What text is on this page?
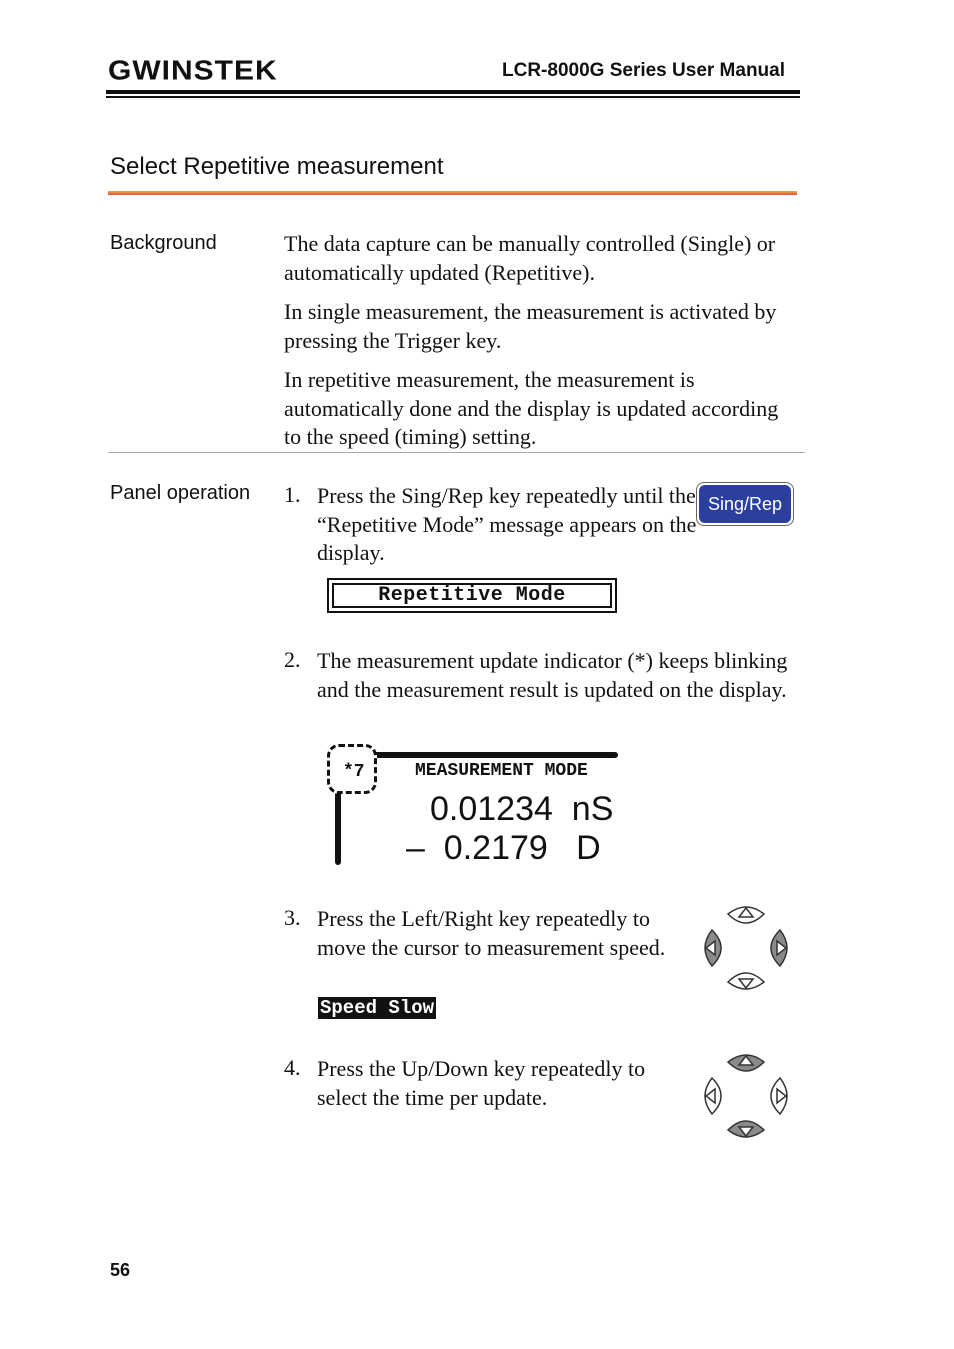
GWINSTEK	LCR-8000G Series User Manual
Select Repetitive measurement
Background	The data capture can be manually controlled (Single) or automatically updated (Repetitive).
In single measurement, the measurement is activated by pressing the Trigger key.
In repetitive measurement, the measurement is automatically done and the display is updated according to the speed (timing) setting.
Panel operation 1. Press the Sing/Rep key repeatedly until the “Repetitive Mode” message appears on the display.
Sing/Rep
Repetitive Mode
2. The measurement update indicator (*) keeps blinking and the measurement result is updated on the display.
*7	MEASUREMENT MODE
0.01234  nS
–  0.2179   D
3. Press the Left/Right key repeatedly to move the cursor to measurement speed.
Speed Slow
4. Press the Up/Down key repeatedly to select the time per update.
56
